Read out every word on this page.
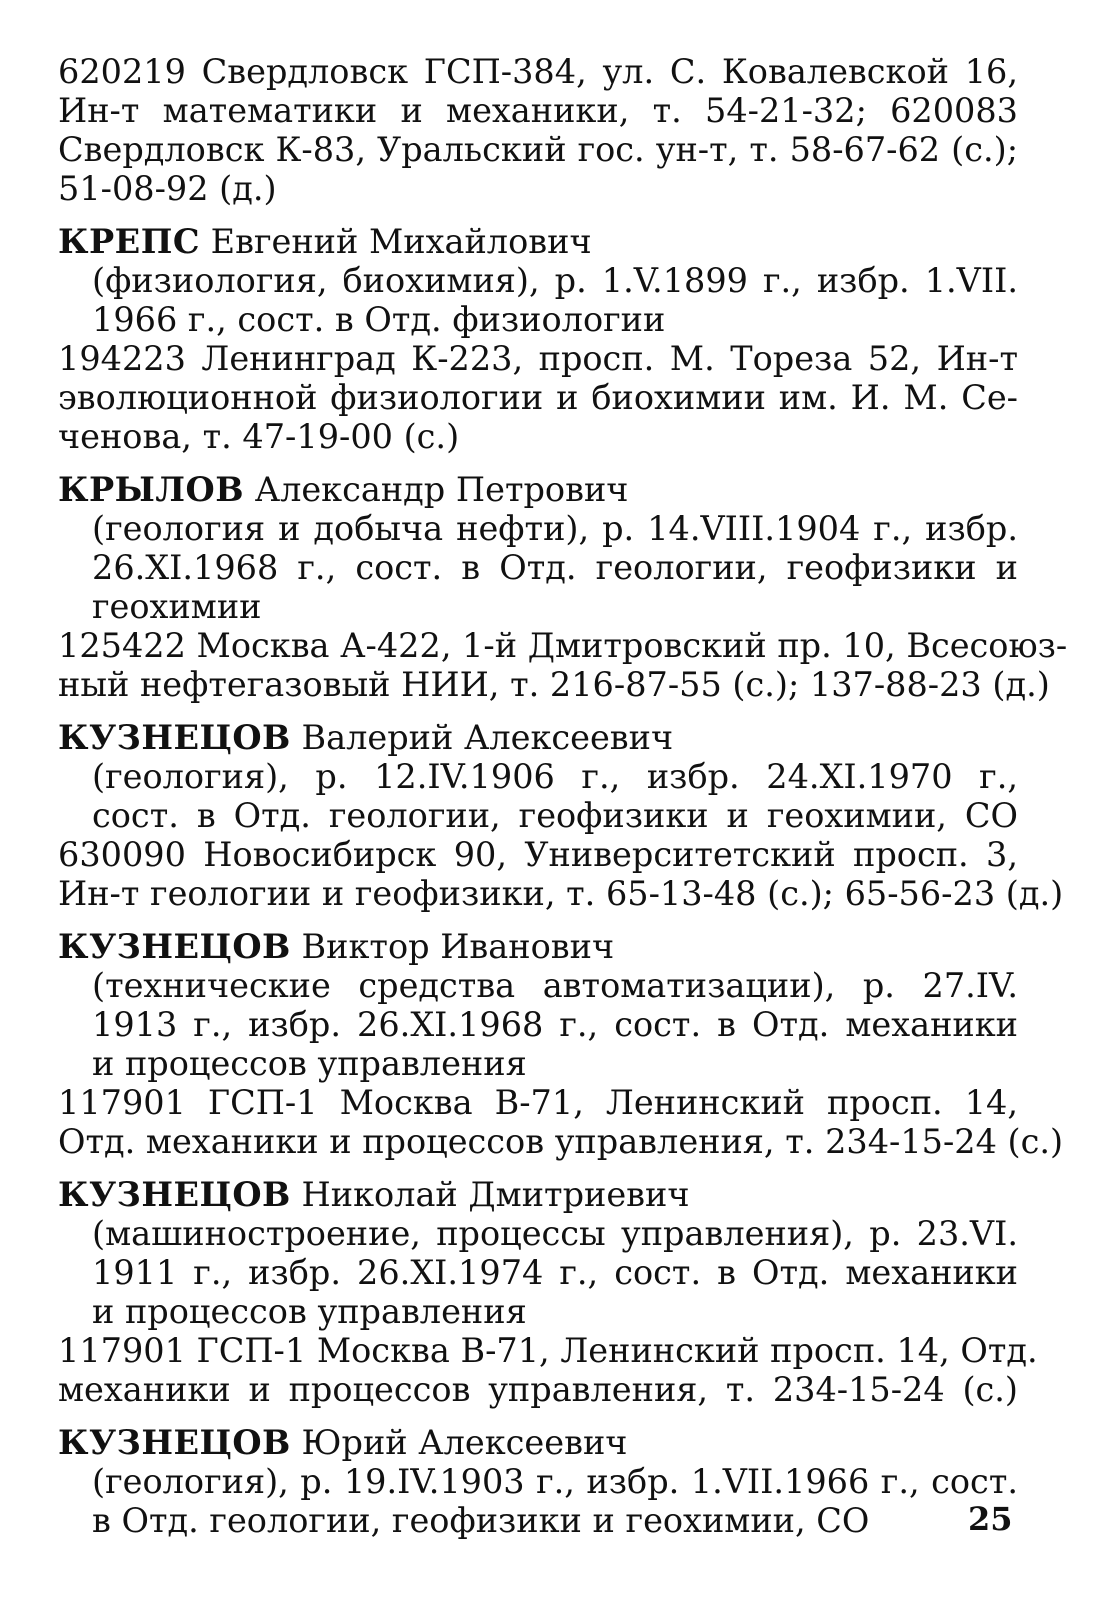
620219 Свердловск ГСП-384, ул. С. Ковалевской 16,
Ин-т математики и механики, т. 54-21-32; 620083
Свердловск К-83, Уральский гос. ун-т, т. 58-67-62 (с.);
51-08-92 (д.)
КРЕПС Евгений Михайлович
(физиология, биохимия), р. 1.V.1899 г., избр. 1.VII.
1966 г., сост. в Отд. физиологии
194223 Ленинград К-223, просп. М. Тореза 52, Ин-т
эволюционной физиологии и биохимии им. И. М. Се-
ченова, т. 47-19-00 (с.)
КРЫЛОВ Александр Петрович
(геология и добыча нефти), р. 14.VIII.1904 г., избр.
26.XI.1968 г., сост. в Отд. геологии, геофизики и
геохимии
125422 Москва А-422, 1-й Дмитровский пр. 10, Всесоюз-
ный нефтегазовый НИИ, т. 216-87-55 (с.); 137-88-23 (д.)
КУЗНЕЦОВ Валерий Алексеевич
(геология), р. 12.IV.1906 г., избр. 24.XI.1970 г.,
сост. в Отд. геологии, геофизики и геохимии, СО
630090 Новосибирск 90, Университетский просп. 3,
Ин-т геологии и геофизики, т. 65-13-48 (с.); 65-56-23 (д.)
КУЗНЕЦОВ Виктор Иванович
(технические средства автоматизации), р. 27.IV.
1913 г., избр. 26.XI.1968 г., сост. в Отд. механики
и процессов управления
117901 ГСП-1 Москва В-71, Ленинский просп. 14,
Отд. механики и процессов управления, т. 234-15-24 (с.)
КУЗНЕЦОВ Николай Дмитриевич
(машиностроение, процессы управления), р. 23.VI.
1911 г., избр. 26.XI.1974 г., сост. в Отд. механики
и процессов управления
117901 ГСП-1 Москва В-71, Ленинский просп. 14, Отд.
механики и процессов управления, т. 234-15-24 (с.)
КУЗНЕЦОВ Юрий Алексеевич
(геология), р. 19.IV.1903 г., избр. 1.VII.1966 г., сост.
в Отд. геологии, геофизики и геохимии, СО	25
